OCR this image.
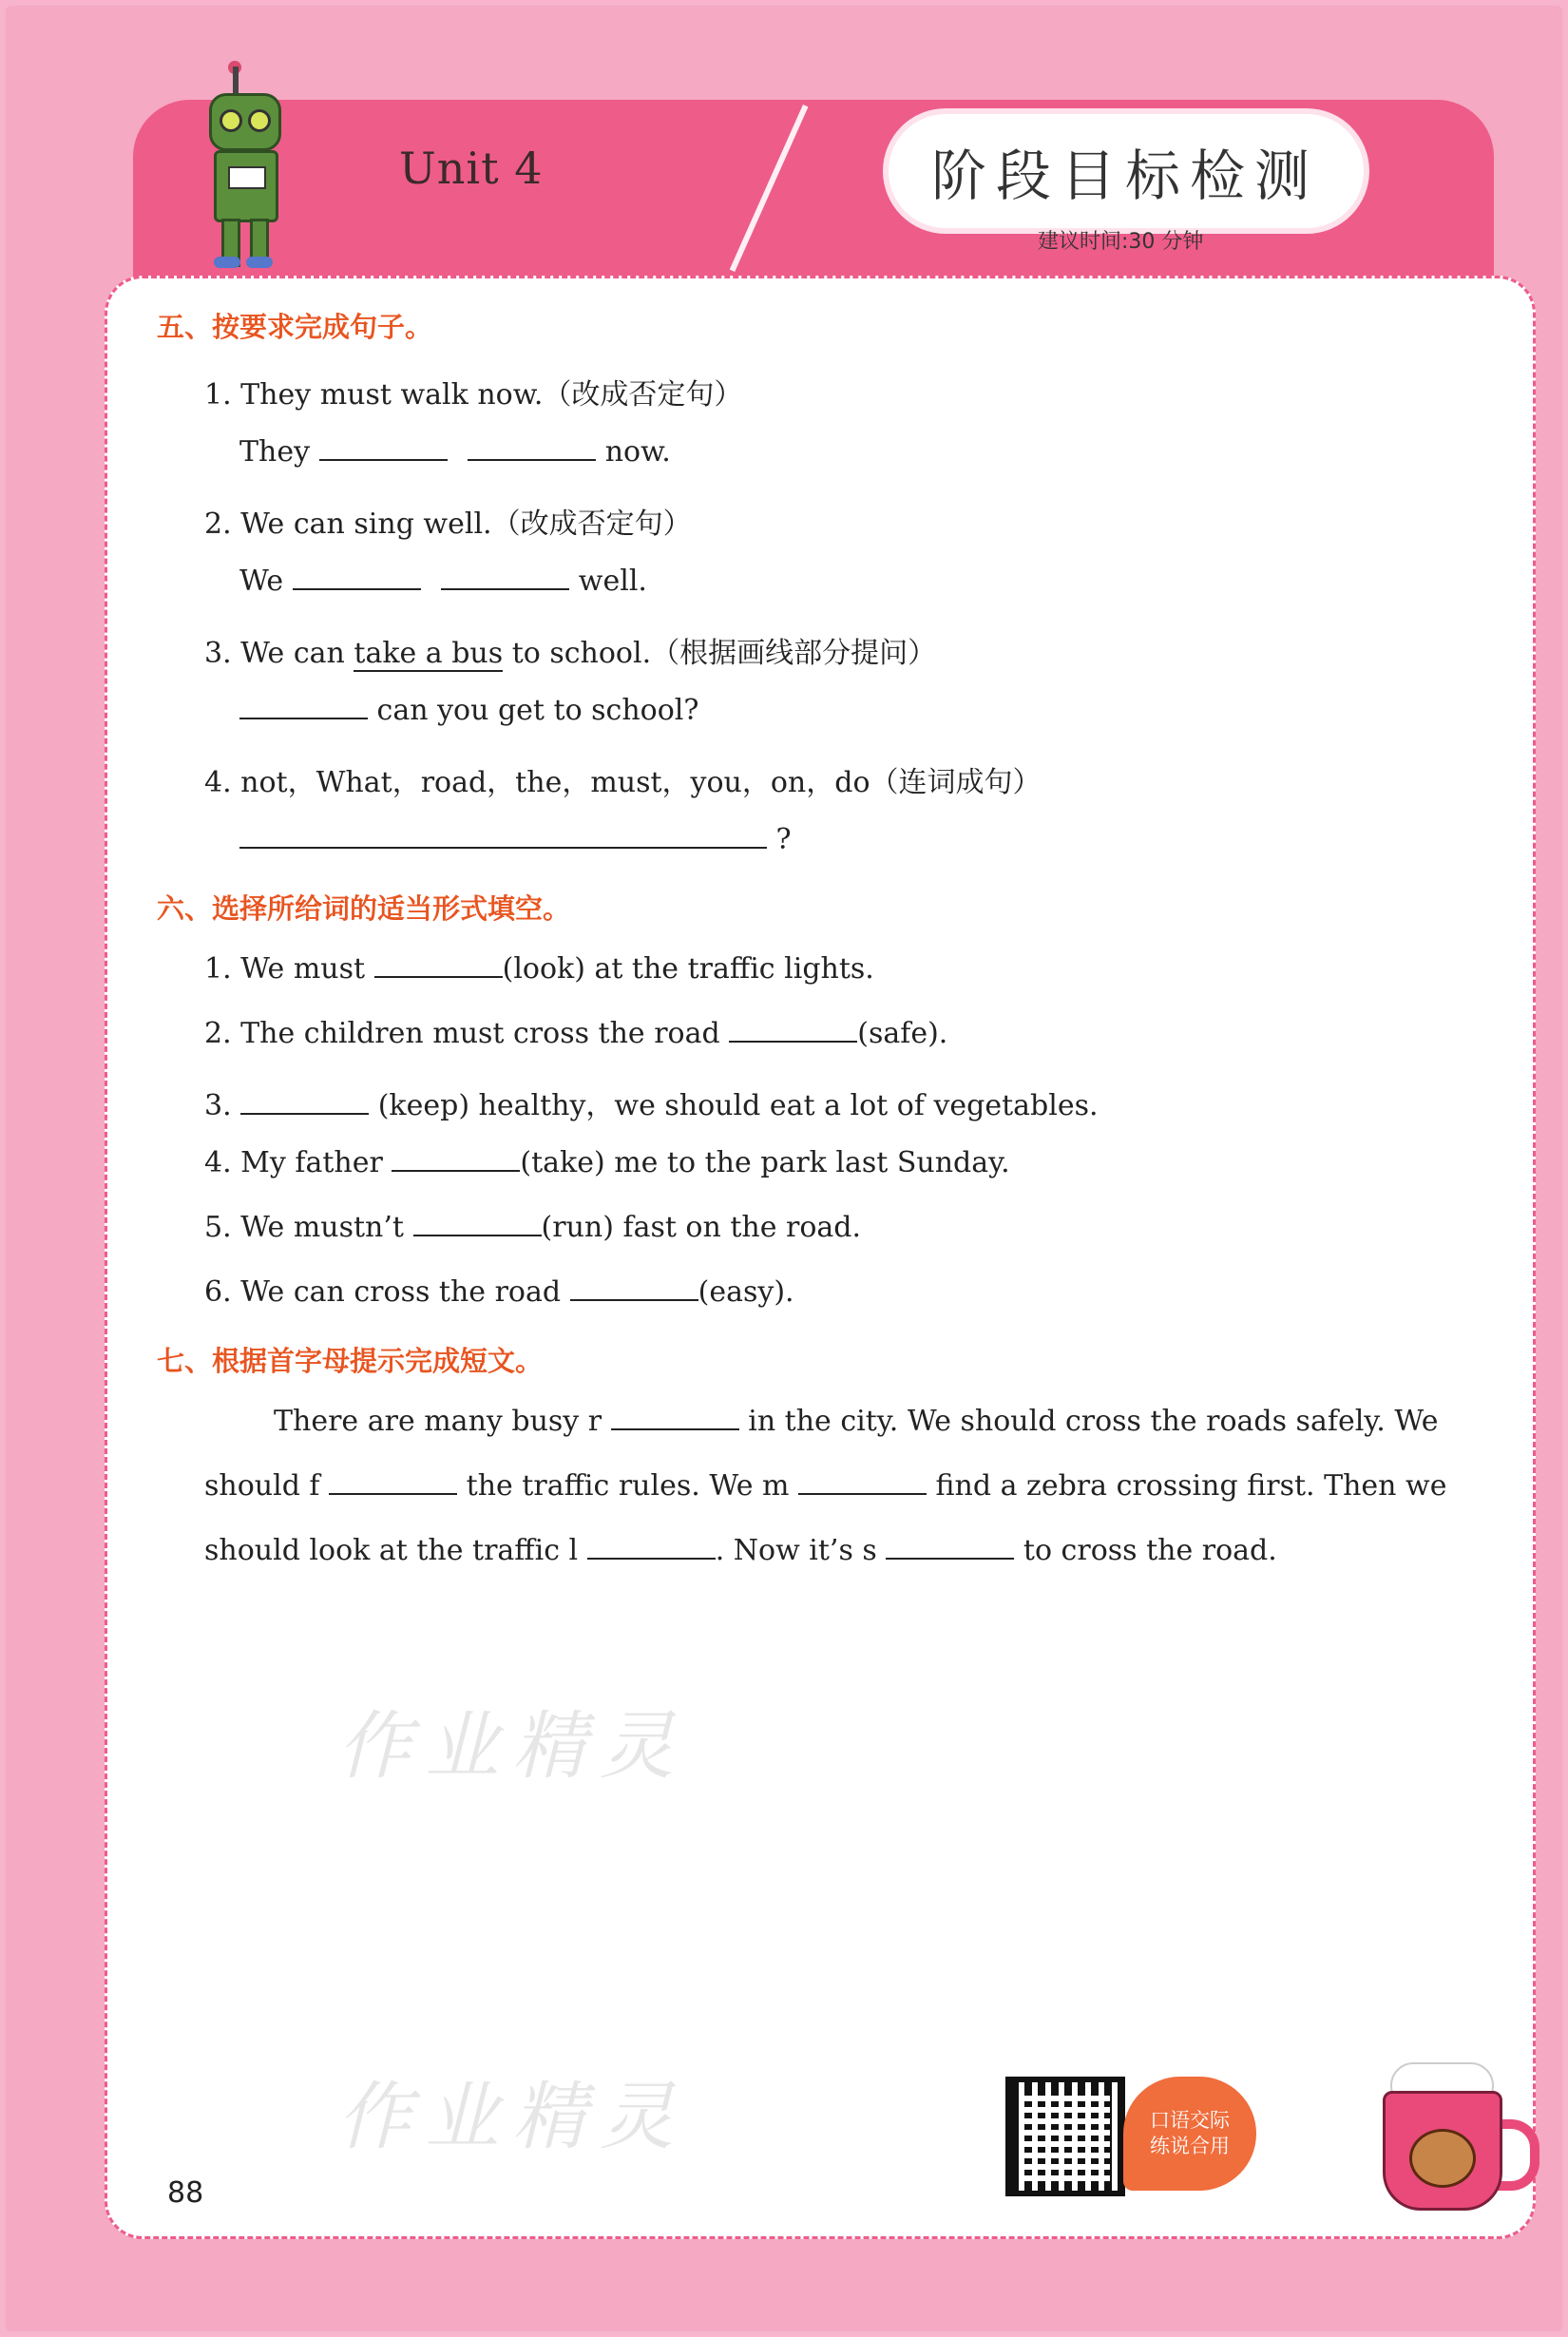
Unit 4	阶段目标检测
建议时间:30 分钟
五、按要求完成句子。
1. They must walk now.（改成否定句）
They	now.
2. We can sing well.（改成否定句）
We	well.
3. We can take a bus to school.（根据画线部分提问）
can you get to school?
4. not，What，road，the，must，you，on，do（连词成句）
?
六、选择所给词的适当形式填空。
1. We must	(look) at the traffic lights.
2. The children must cross the road	(safe).
3.	(keep) healthy，we should eat a lot of vegetables.
4. My father	(take) me to the park last Sunday.
5. We mustn’t	(run) fast on the road.
6. We can cross the road	(easy).
七、根据首字母提示完成短文。
There are many busy r	in the city. We should cross the roads safely. We
should f	the traffic rules. We m	find a zebra crossing first. Then we
should look at the traffic l	. Now it’s s	to cross the road.
作业精灵
作业精灵
88
口语交际
练说合用
